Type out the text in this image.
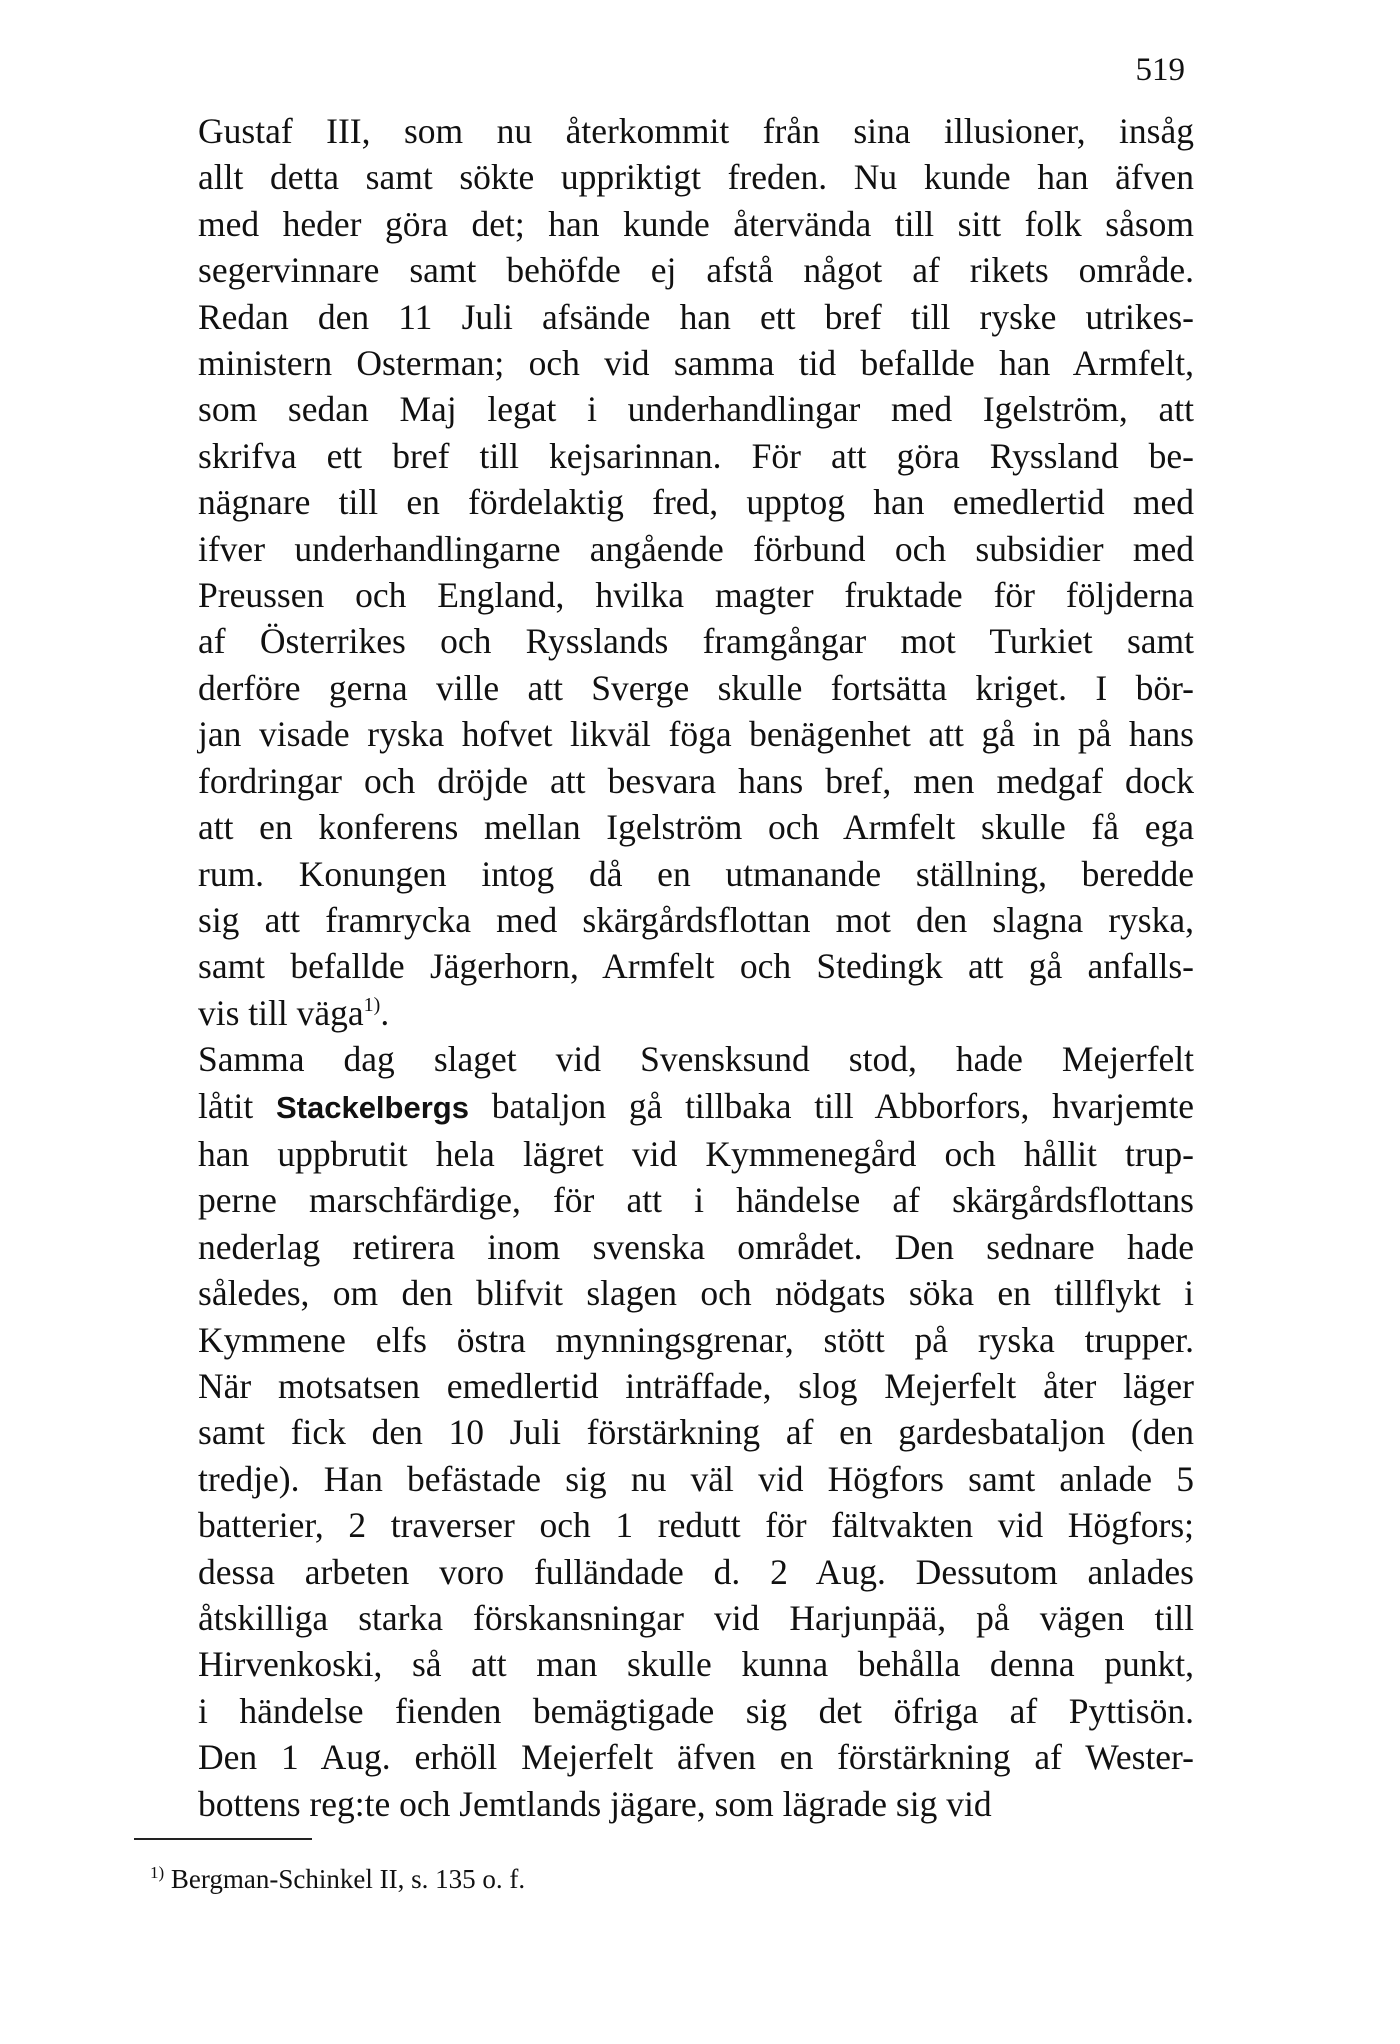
519
Gustaf III, som nu återkommit från sina illusioner, insåg
allt detta samt sökte uppriktigt freden. Nu kunde han äfven
med heder göra det; han kunde återvända till sitt folk såsom
segervinnare samt behöfde ej afstå något af rikets område.
Redan den 11 Juli afsände han ett bref till ryske utrikes-
ministern Osterman; och vid samma tid befallde han Armfelt,
som sedan Maj legat i underhandlingar med Igelström, att
skrifva ett bref till kejsarinnan. För att göra Ryssland be-
nägnare till en fördelaktig fred, upptog han emedlertid med
ifver underhandlingarne angående förbund och subsidier med
Preussen och England, hvilka magter fruktade för följderna
af Österrikes och Rysslands framgångar mot Turkiet samt
derföre gerna ville att Sverge skulle fortsätta kriget. I bör-
jan visade ryska hofvet likväl föga benägenhet att gå in på hans
fordringar och dröjde att besvara hans bref, men medgaf dock
att en konferens mellan Igelström och Armfelt skulle få ega
rum. Konungen intog då en utmanande ställning, beredde
sig att framrycka med skärgårdsflottan mot den slagna ryska,
samt befallde Jägerhorn, Armfelt och Stedingk att gå anfalls-
vis till väga$^{1)}$.
Samma dag slaget vid Svensksund stod, hade Mejerfelt
låtit Stackelbergs bataljon gå tillbaka till Abborfors, hvarjemte
han uppbrutit hela lägret vid Kymmenegård och hållit trup-
perne marschfärdige, för att i händelse af skärgårdsflottans
nederlag retirera inom svenska området. Den sednare hade
således, om den blifvit slagen och nödgats söka en tillflykt i
Kymmene elfs östra mynningsgrenar, stött på ryska trupper.
När motsatsen emedlertid inträffade, slog Mejerfelt åter läger
samt fick den 10 Juli förstärkning af en gardesbataljon (den
tredje). Han befästade sig nu väl vid Högfors samt anlade 5
batterier, 2 traverser och 1 redutt för fältvakten vid Högfors;
dessa arbeten voro fulländade d. 2 Aug. Dessutom anlades
åtskilliga starka förskansningar vid Harjunpää, på vägen till
Hirvenkoski, så att man skulle kunna behålla denna punkt,
i händelse fienden bemägtigade sig det öfriga af Pyttisön.
Den 1 Aug. erhöll Mejerfelt äfven en förstärkning af Wester-
bottens reg:te och Jemtlands jägare, som lägrade sig vid
$^{1)}$ Bergman-Schinkel II, s. 135 o. f.
